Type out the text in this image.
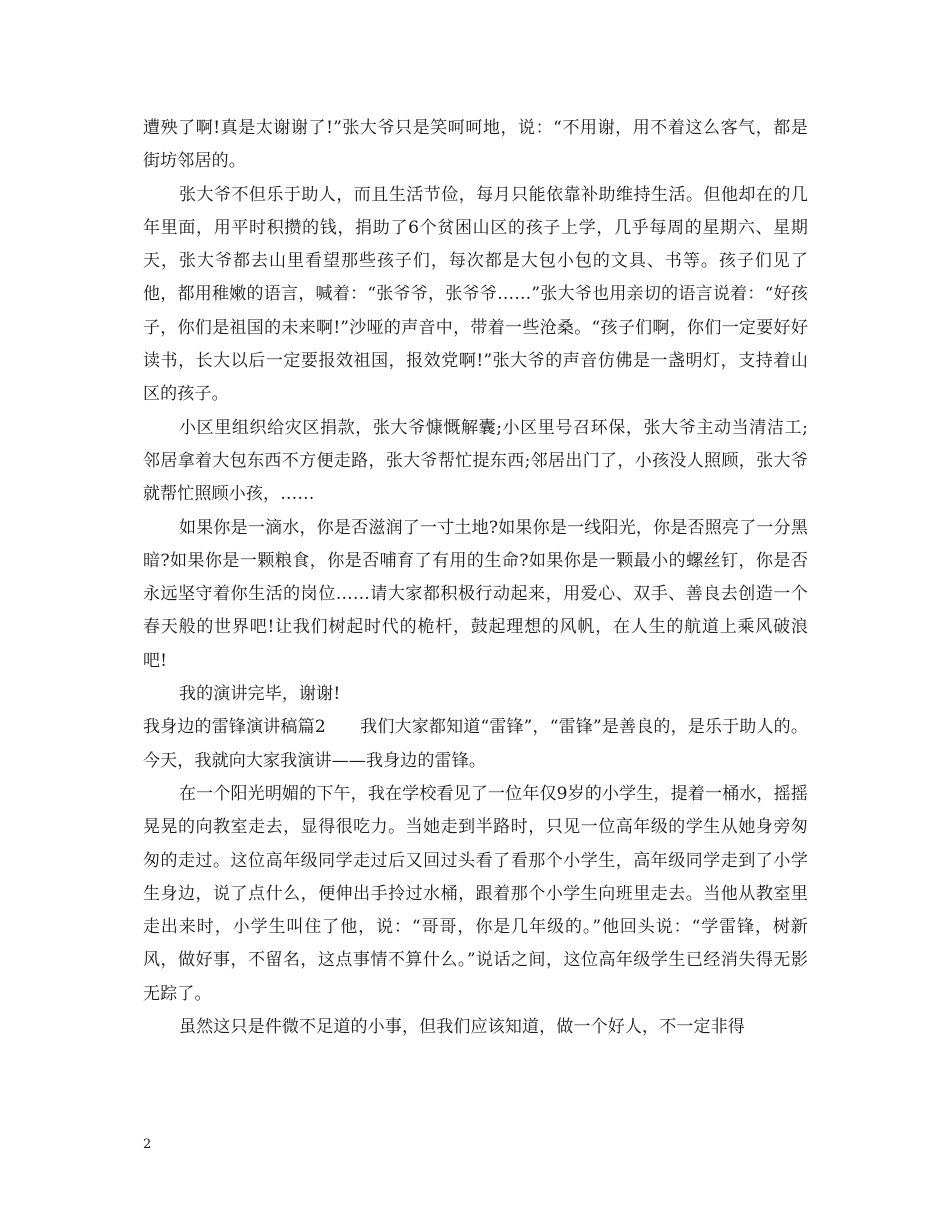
遭殃了啊!真是太谢谢了!”张大爷只是笑呵呵地，说：“不用谢，用不着这么客气，都是街坊邻居的。

张大爷不但乐于助人，而且生活节俭，每月只能依靠补助维持生活。但他却在的几年里面，用平时积攒的钱，捐助了6个贫困山区的孩子上学，几乎每周的星期六、星期天，张大爷都去山里看望那些孩子们，每次都是大包小包的文具、书等。孩子们见了他，都用稚嫩的语言，喊着：“张爷爷，张爷爷……”张大爷也用亲切的语言说着：“好孩子，你们是祖国的未来啊!”沙哑的声音中，带着一些沧桑。“孩子们啊，你们一定要好好读书，长大以后一定要报效祖国，报效党啊!”张大爷的声音仿佛是一盏明灯，支持着山区的孩子。

小区里组织给灾区捐款，张大爷慷慨解囊;小区里号召环保，张大爷主动当清洁工;邻居拿着大包东西不方便走路，张大爷帮忙提东西;邻居出门了，小孩没人照顾，张大爷就帮忙照顾小孩，……

如果你是一滴水，你是否滋润了一寸土地?如果你是一线阳光，你是否照亮了一分黑暗?如果你是一颗粮食，你是否哺育了有用的生命?如果你是一颗最小的螺丝钉，你是否永远坚守着你生活的岗位……请大家都积极行动起来，用爱心、双手、善良去创造一个春天般的世界吧!让我们树起时代的桅杆，鼓起理想的风帆，在人生的航道上乘风破浪吧!

我的演讲完毕，谢谢!

我身边的雷锋演讲稿篇2　　我们大家都知道“雷锋”，“雷锋”是善良的，是乐于助人的。今天，我就向大家我演讲——我身边的雷锋。

在一个阳光明媚的下午，我在学校看见了一位年仅9岁的小学生，提着一桶水，摇摇晃晃的向教室走去，显得很吃力。当她走到半路时，只见一位高年级的学生从她身旁匆匆的走过。这位高年级同学走过后又回过头看了看那个小学生，高年级同学走到了小学生身边，说了点什么，便伸出手拎过水桶，跟着那个小学生向班里走去。当他从教室里走出来时，小学生叫住了他，说：“哥哥，你是几年级的。”他回头说：“学雷锋，树新风，做好事，不留名，这点事情不算什么。”说话之间，这位高年级学生已经消失得无影无踪了。

虽然这只是件微不足道的小事，但我们应该知道，做一个好人，不一定非得

2
